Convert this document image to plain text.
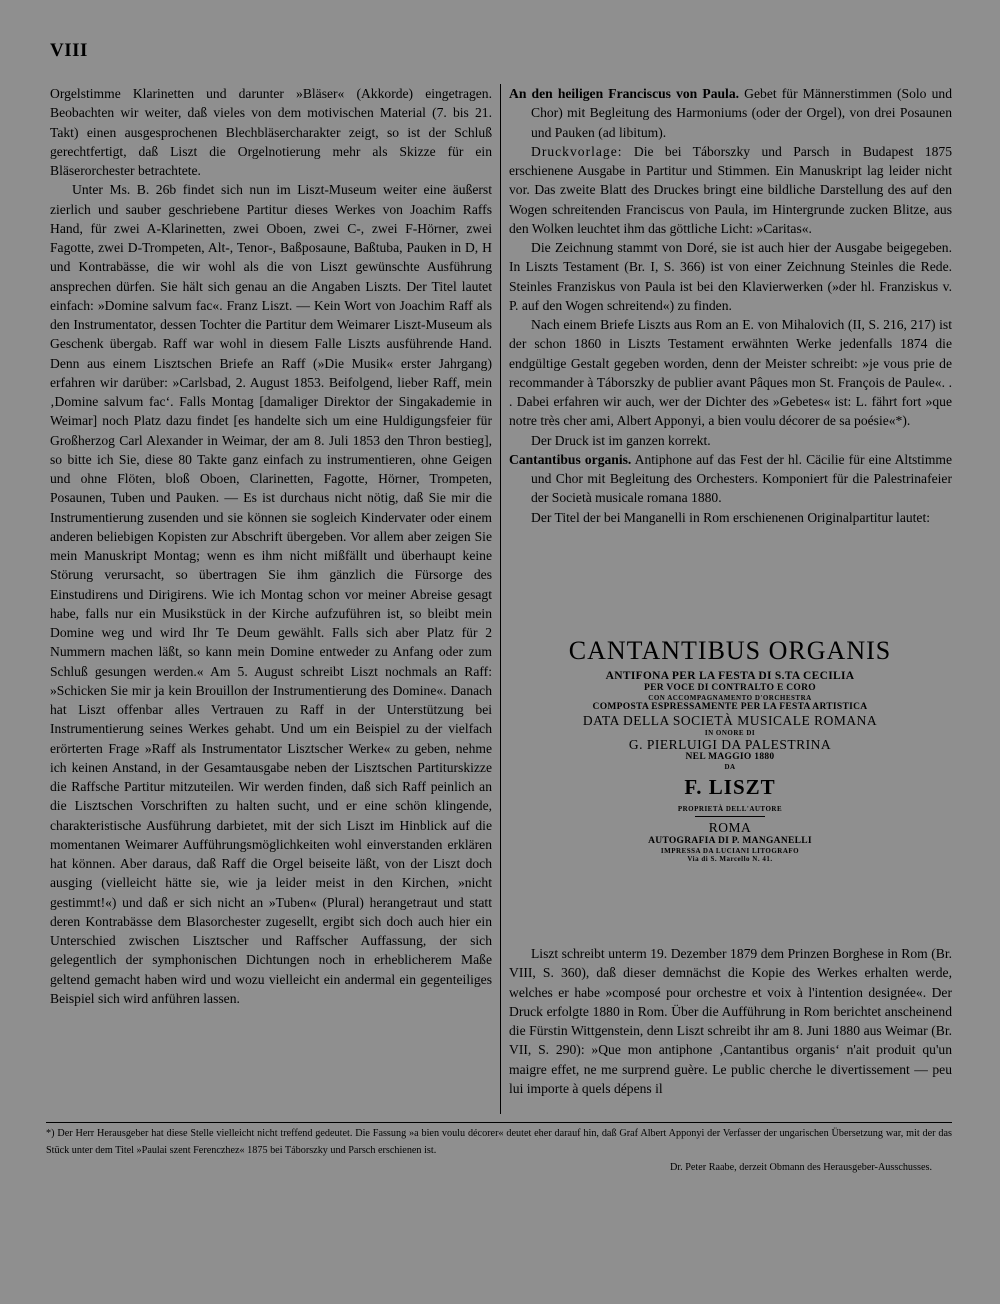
VIII

Orgelstimme Klarinetten und darunter »Bläser« (Akkorde) eingetragen. Beobachten wir weiter, daß vieles von dem motivischen Material (7. bis 21. Takt) einen ausgesprochenen Blechbläsercharakter zeigt, so ist der Schluß gerechtfertigt, daß Liszt die Orgelnotierung mehr als Skizze für ein Bläserorchester betrachtete.

Unter Ms. B. 26b findet sich nun im Liszt-Museum weiter eine äußerst zierlich und sauber geschriebene Partitur dieses Werkes von Joachim Raffs Hand, für zwei A-Klarinetten, zwei Oboen, zwei C-, zwei F-Hörner, zwei Fagotte, zwei D-Trompeten, Alt-, Tenor-, Baßposaune, Baßtuba, Pauken in D, H und Kontrabässe, die wir wohl als die von Liszt gewünschte Ausführung ansprechen dürfen. Sie hält sich genau an die Angaben Liszts. Der Titel lautet einfach: »Domine salvum fac«. Franz Liszt. — Kein Wort von Joachim Raff als den Instrumentator, dessen Tochter die Partitur dem Weimarer Liszt-Museum als Geschenk übergab. Raff war wohl in diesem Falle Liszts ausführende Hand. Denn aus einem Lisztschen Briefe an Raff (»Die Musik« erster Jahrgang) erfahren wir darüber: »Carlsbad, 2. August 1853. Beifolgend, lieber Raff, mein ‚Domine salvum fac‘. Falls Montag [damaliger Direktor der Singakademie in Weimar] noch Platz dazu findet [es handelte sich um eine Huldigungsfeier für Großherzog Carl Alexander in Weimar, der am 8. Juli 1853 den Thron bestieg], so bitte ich Sie, diese 80 Takte ganz einfach zu instrumentieren, ohne Geigen und ohne Flöten, bloß Oboen, Clarinetten, Fagotte, Hörner, Trompeten, Posaunen, Tuben und Pauken. — Es ist durchaus nicht nötig, daß Sie mir die Instrumentierung zusenden und sie können sie sogleich Kindervater oder einem anderen beliebigen Kopisten zur Abschrift übergeben. Vor allem aber zeigen Sie mein Manuskript Montag; wenn es ihm nicht mißfällt und überhaupt keine Störung verursacht, so übertragen Sie ihm gänzlich die Fürsorge des Einstudirens und Dirigirens. Wie ich Montag schon vor meiner Abreise gesagt habe, falls nur ein Musikstück in der Kirche aufzuführen ist, so bleibt mein Domine weg und wird Ihr Te Deum gewählt. Falls sich aber Platz für 2 Nummern machen läßt, so kann mein Domine entweder zu Anfang oder zum Schluß gesungen werden.« Am 5. August schreibt Liszt nochmals an Raff: »Schicken Sie mir ja kein Brouillon der Instrumentierung des Domine«. Danach hat Liszt offenbar alles Vertrauen zu Raff in der Unterstützung bei Instrumentierung seines Werkes gehabt. Und um ein Beispiel zu der vielfach erörterten Frage »Raff als Instrumentator Lisztscher Werke« zu geben, nehme ich keinen Anstand, in der Gesamtausgabe neben der Lisztschen Partiturskizze die Raffsche Partitur mitzuteilen. Wir werden finden, daß sich Raff peinlich an die Lisztschen Vorschriften zu halten sucht, und er eine schön klingende, charakteristische Ausführung darbietet, mit der sich Liszt im Hinblick auf die momentanen Weimarer Aufführungsmöglichkeiten wohl einverstanden erklären hat können. Aber daraus, daß Raff die Orgel beiseite läßt, von der Liszt doch ausging (vielleicht hätte sie, wie ja leider meist in den Kirchen, »nicht gestimmt!«) und daß er sich nicht an »Tuben« (Plural) herangetraut und statt deren Kontrabässe dem Blasorchester zugesellt, ergibt sich doch auch hier ein Unterschied zwischen Lisztscher und Raffscher Auffassung, der sich gelegentlich der symphonischen Dichtungen noch in erheblicherem Maße geltend gemacht haben wird und wozu vielleicht ein andermal ein gegenteiliges Beispiel sich wird anführen lassen.

An den heiligen Franciscus von Paula. Gebet für Männerstimmen (Solo und Chor) mit Begleitung des Harmoniums (oder der Orgel), von drei Posaunen und Pauken (ad libitum).

Druckvorlage: Die bei Táborszky und Parsch in Budapest 1875 erschienene Ausgabe in Partitur und Stimmen. Ein Manuskript lag leider nicht vor. Das zweite Blatt des Druckes bringt eine bildliche Darstellung des auf den Wogen schreitenden Franciscus von Paula, im Hintergrunde zucken Blitze, aus den Wolken leuchtet ihm das göttliche Licht: »Caritas«.

Die Zeichnung stammt von Doré, sie ist auch hier der Ausgabe beigegeben. In Liszts Testament (Br. I, S. 366) ist von einer Zeichnung Steinles die Rede. Steinles Franziskus von Paula ist bei den Klavierwerken (»der hl. Franziskus v. P. auf den Wogen schreitend«) zu finden.

Nach einem Briefe Liszts aus Rom an E. von Mihalovich (II, S. 216, 217) ist der schon 1860 in Liszts Testament erwähnten Werke jedenfalls 1874 die endgültige Gestalt gegeben worden, denn der Meister schreibt: »je vous prie de recommander à Táborszky de publier avant Pâques mon St. François de Paule«. . . Dabei erfahren wir auch, wer der Dichter des »Gebetes« ist: L. fährt fort »que notre très cher ami, Albert Apponyi, a bien voulu décorer de sa poésie«*).

Der Druck ist im ganzen korrekt.

Cantantibus organis. Antiphone auf das Fest der hl. Cäcilie für eine Altstimme und Chor mit Begleitung des Orchesters. Komponiert für die Palestrinafeier der Società musicale romana 1880.

Der Titel der bei Manganelli in Rom erschienenen Originalpartitur lautet:

CANTANTIBUS ORGANIS
ANTIFONA PER LA FESTA DI S.TA CECILIA
PER VOCE DI CONTRALTO E CORO
CON ACCOMPAGNAMENTO D'ORCHESTRA
COMPOSTA ESPRESSAMENTE PER LA FESTA ARTISTICA
DATA DELLA SOCIETÀ MUSICALE ROMANA
IN ONORE DI
G. PIERLUIGI DA PALESTRINA
NEL MAGGIO 1880
DA
F. LISZT
PROPRIETÀ DELL'AUTORE
ROMA
AUTOGRAFIA DI P. MANGANELLI
IMPRESSA DA LUCIANI LITOGRAFO
Via di S. Marcello N. 41.

Liszt schreibt unterm 19. Dezember 1879 dem Prinzen Borghese in Rom (Br. VIII, S. 360), daß dieser demnächst die Kopie des Werkes erhalten werde, welches er habe »composé pour orchestre et voix à l'intention designée«. Der Druck erfolgte 1880 in Rom. Über die Aufführung in Rom berichtet anscheinend die Fürstin Wittgenstein, denn Liszt schreibt ihr am 8. Juni 1880 aus Weimar (Br. VII, S. 290): »Que mon antiphone ‚Cantantibus organis‘ n'ait produit qu'un maigre effet, ne me surprend guère. Le public cherche le divertissement — peu lui importe à quels dépens il

*) Der Herr Herausgeber hat diese Stelle vielleicht nicht treffend gedeutet. Die Fassung »a bien voulu décorer« deutet eher darauf hin, daß Graf Albert Apponyi der Verfasser der ungarischen Übersetzung war, mit der das Stück unter dem Titel »Paulai szent Ferenczhez« 1875 bei Táborszky und Parsch erschienen ist.

Dr. Peter Raabe, derzeit Obmann des Herausgeber-Ausschusses.
